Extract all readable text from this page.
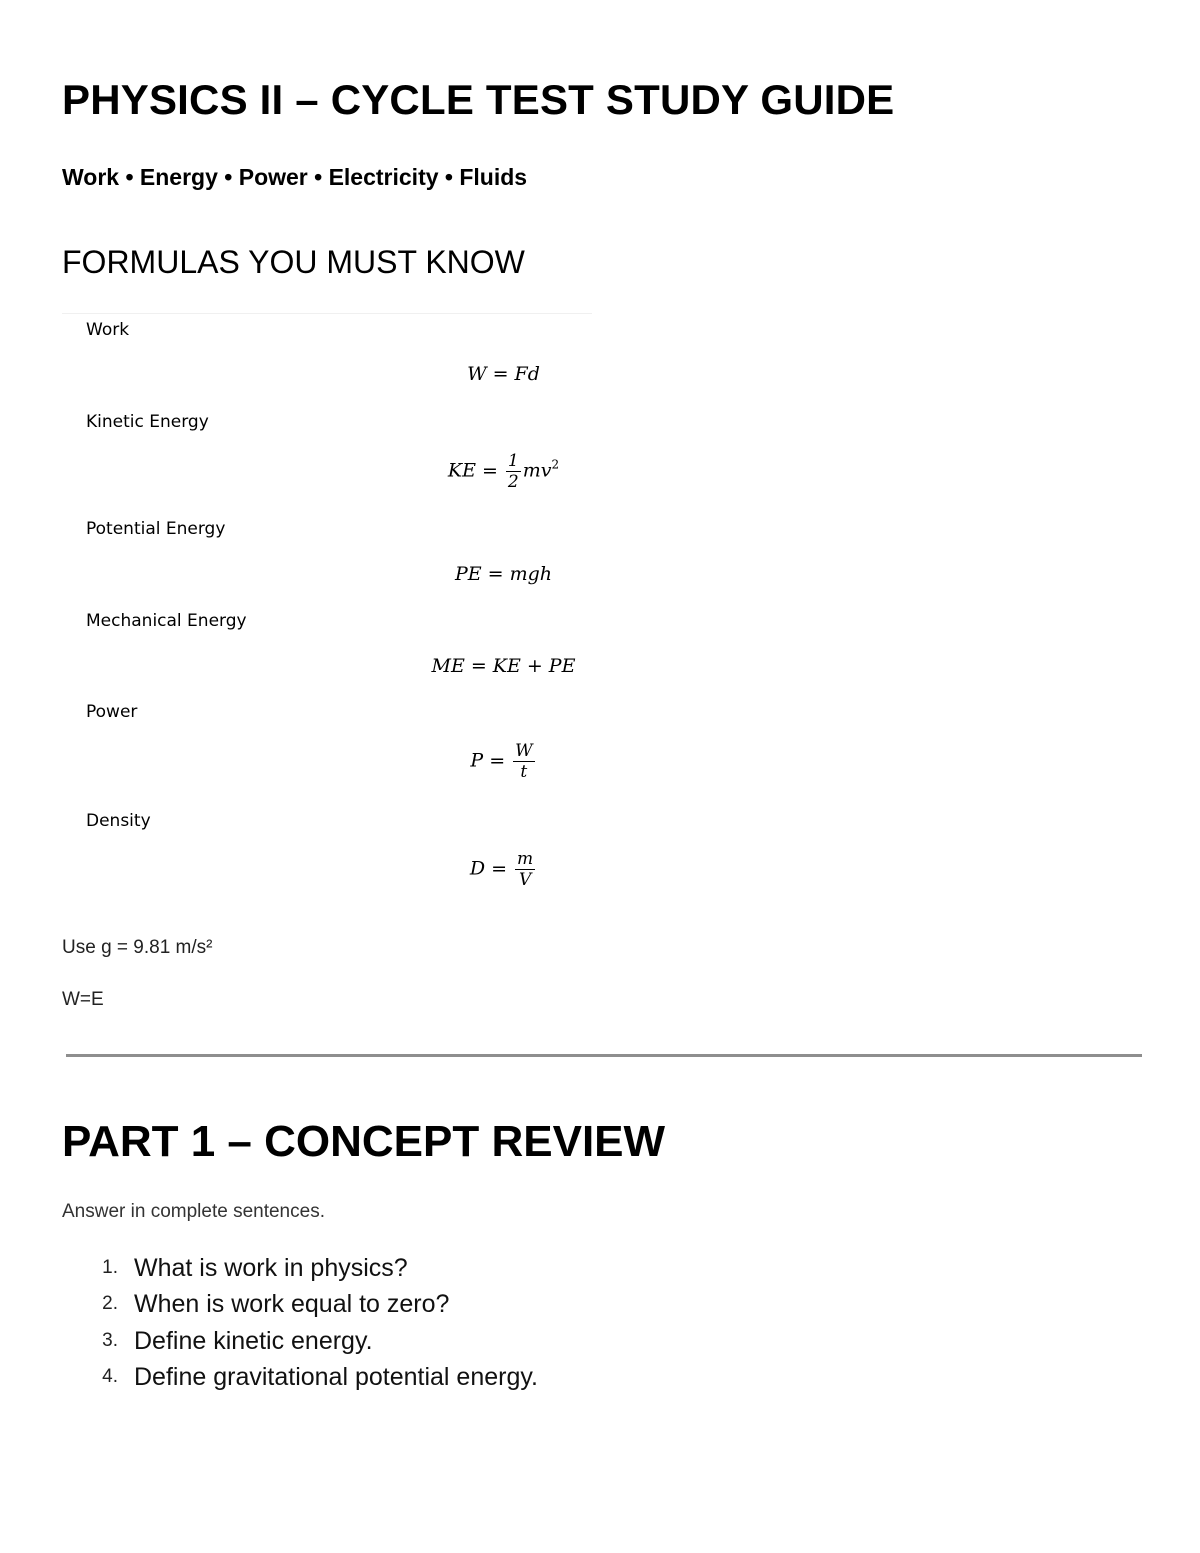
PHYSICS II – CYCLE TEST STUDY GUIDE

Work • Energy • Power • Electricity • Fluids

FORMULAS YOU MUST KNOW
Work
W = Fd
Kinetic Energy
KE = $\frac{1}{2} mv^2$
Potential Energy
PE = mgh
Mechanical Energy
ME = KE + PE
Power
$P = \frac{W}{t}$
Density
$D = \frac{m}{V}$

Use g = 9.81 m/s²

W=E

PART 1 – CONCEPT REVIEW

Answer in complete sentences.

1. What is work in physics?
2. When is work equal to zero?
3. Define kinetic energy.
4. Define gravitational potential energy.
